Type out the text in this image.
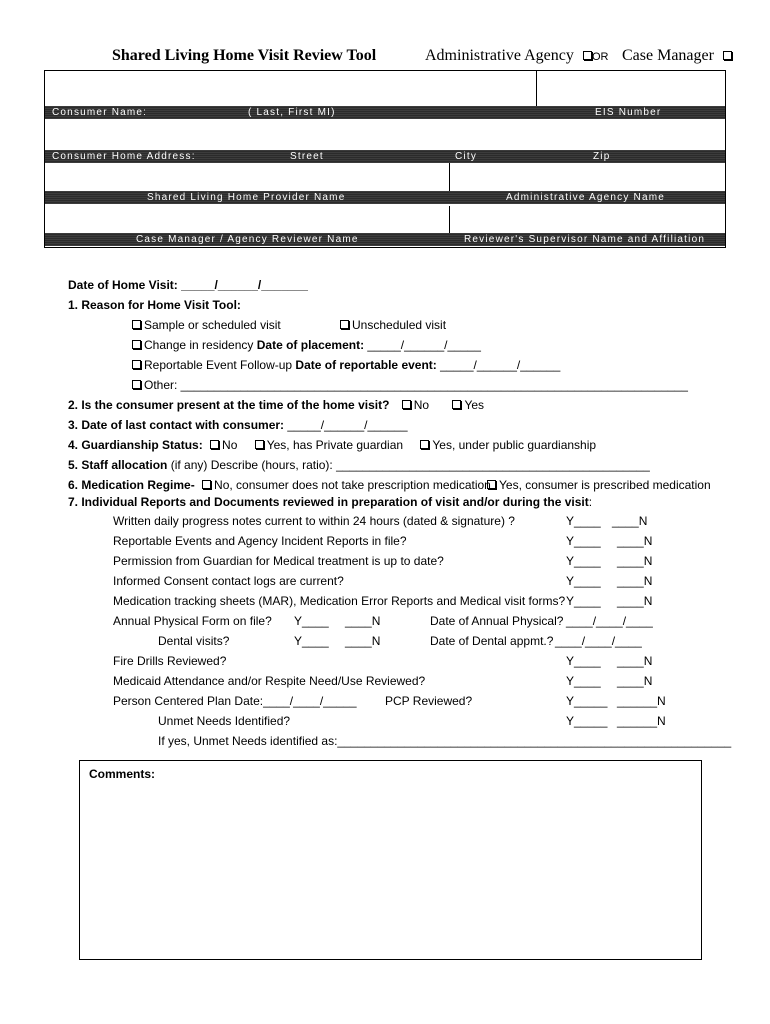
Shared Living Home Visit Review Tool	Administrative Agency	OR Case Manager
Consumer Name:	( Last, First MI)	EIS Number
Consumer Home Address:	Street	City	Zip
Shared Living Home Provider Name	Administrative Agency Name
Case Manager / Agency Reviewer Name	Reviewer's Supervisor Name and Affiliation
Date of Home Visit: _____/______/_______
1. Reason for Home Visit Tool:
Sample or scheduled visit	Unscheduled visit
Change in residency Date of placement: _____/______/_____
Reportable Event Follow-up Date of reportable event: _____/______/______
Other: ____________________________________________________________________________
2. Is the consumer present at the time of the home visit? No	Yes
3. Date of last contact with consumer: _____/______/______
4. Guardianship Status: No Yes, has Private guardian Yes, under public guardianship
5. Staff allocation (if any) Describe (hours, ratio): _______________________________________________
6. Medication Regime- No, consumer does not take prescription medication Yes, consumer is prescribed medication
7. Individual Reports and Documents reviewed in preparation of visit and/or during the visit:
Written daily progress notes current to within 24 hours (dated & signature) ?	Y____ ____N
Reportable Events and Agency Incident Reports in file?	Y____ ____N
Permission from Guardian for Medical treatment is up to date?	Y____ ____N
Informed Consent contact logs are current?	Y____ ____N
Medication tracking sheets (MAR), Medication Error Reports and Medical visit forms? Y____ ____N
Annual Physical Form on file? Y____ ____N	Date of Annual Physical? ____/____/____
Dental visits?	Y____ ____N	Date of Dental appmt.? ____/____/____
Fire Drills Reviewed?	Y____ ____N
Medicaid Attendance and/or Respite Need/Use Reviewed?	Y____ ____N
Person Centered Plan Date:____/____/_____ PCP Reviewed?	Y_____ ______N
Unmet Needs Identified?	Y_____ ______N
If yes, Unmet Needs identified as:___________________________________________________________
Comments:
